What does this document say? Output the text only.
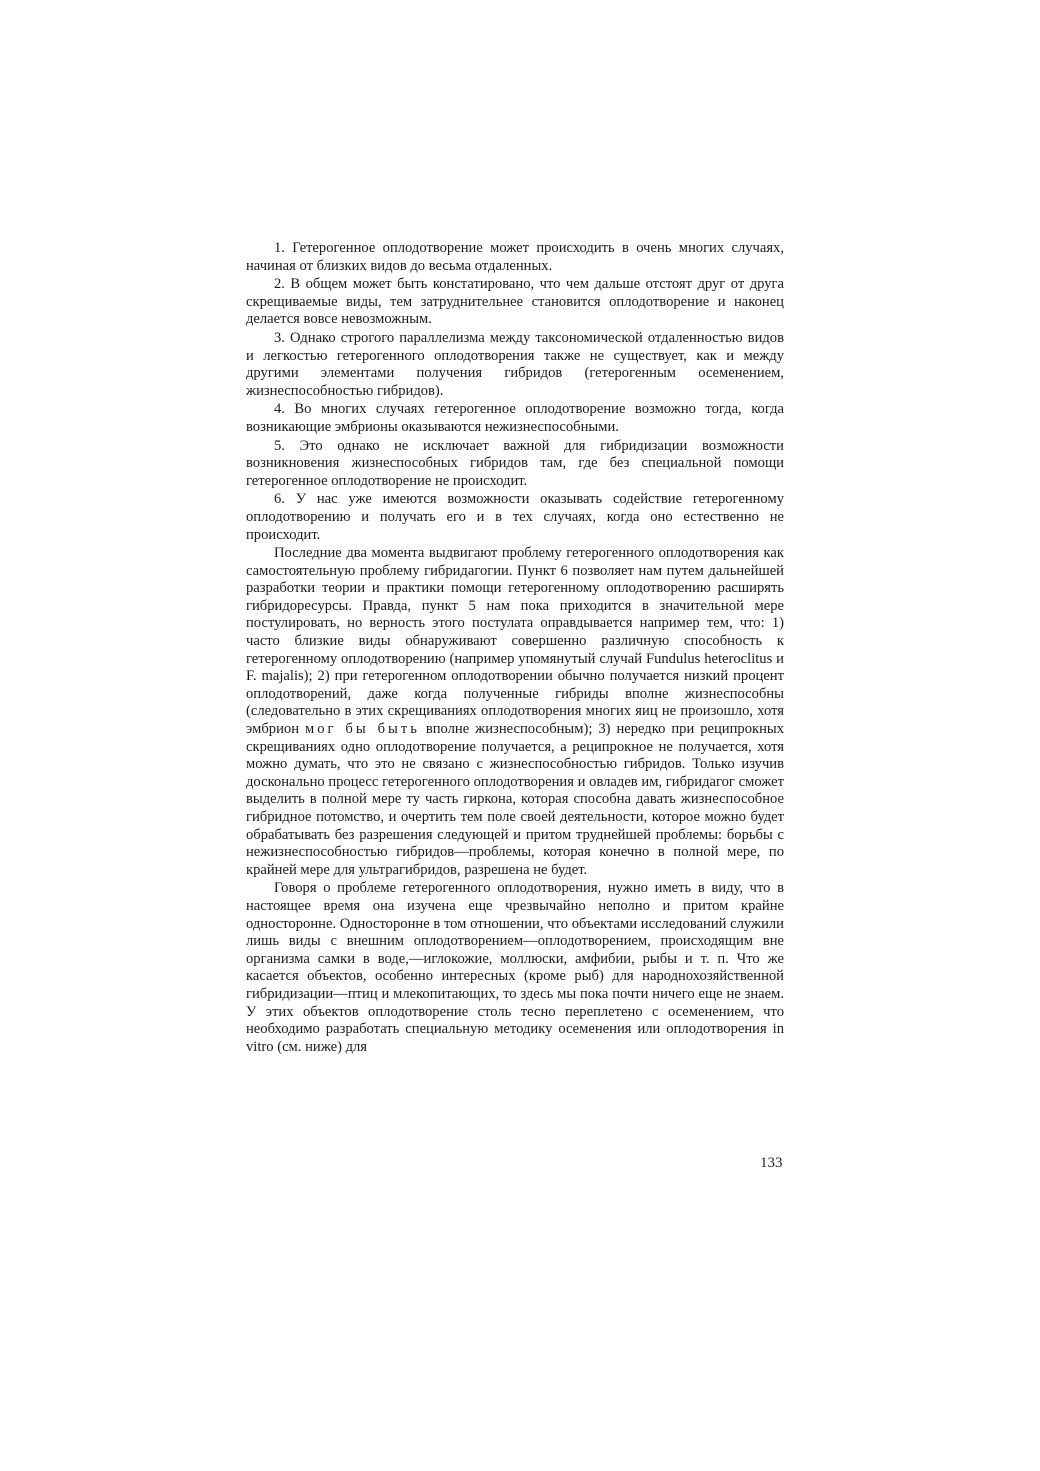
1. Гетерогенное оплодотворение может происходить в очень многих случаях, начиная от близких видов до весьма отдаленных.

2. В общем может быть констатировано, что чем дальше отстоят друг от друга скрещиваемые виды, тем затруднительнее становится оплодотворение и наконец делается вовсе невозможным.

3. Однако строгого параллелизма между таксономической отдаленностью видов и легкостью гетерогенного оплодотворения также не существует, как и между другими элементами получения гибридов (гетерогенным осеменением, жизнеспособностью гибридов).

4. Во многих случаях гетерогенное оплодотворение возможно тогда, когда возникающие эмбрионы оказываются нежизнеспособными.

5. Это однако не исключает важной для гибридизации возможности возникновения жизнеспособных гибридов там, где без специальной помощи гетерогенное оплодотворение не происходит.

6. У нас уже имеются возможности оказывать содействие гетерогенному оплодотворению и получать его и в тех случаях, когда оно естественно не происходит.

Последние два момента выдвигают проблему гетерогенного оплодотворения как самостоятельную проблему гибридагогии. Пункт 6 позволяет нам путем дальнейшей разработки теории и практики помощи гетерогенному оплодотворению расширять гибридоресурсы. Правда, пункт 5 нам пока приходится в значительной мере постулировать, но верность этого постулата оправдывается например тем, что: 1) часто близкие виды обнаруживают совершенно различную способность к гетерогенному оплодотворению (например упомянутый случай Fundulus heteroclitus и F. majalis); 2) при гетерогенном оплодотворении обычно получается низкий процент оплодотворений, даже когда полученные гибриды вполне жизнеспособны (следовательно в этих скрещиваниях оплодотворения многих яиц не произошло, хотя эмбрион мог бы быть вполне жизнеспособным); 3) нередко при реципрокных скрещиваниях одно оплодотворение получается, а реципрокное не получается, хотя можно думать, что это не связано с жизнеспособностью гибридов. Только изучив досконально процесс гетерогенного оплодотворения и овладев им, гибридагог сможет выделить в полной мере ту часть гиркона, которая способна давать жизнеспособное гибридное потомство, и очертить тем поле своей деятельности, которое можно будет обрабатывать без разрешения следующей и притом труднейшей проблемы: борьбы с нежизнеспособностью гибридов—проблемы, которая конечно в полной мере, по крайней мере для ультрагибридов, разрешена не будет.

Говоря о проблеме гетерогенного оплодотворения, нужно иметь в виду, что в настоящее время она изучена еще чрезвычайно неполно и притом крайне односторонне. Односторонне в том отношении, что объектами исследований служили лишь виды с внешним оплодотворением—оплодотворением, происходящим вне организма самки в воде,—иглокожие, моллюски, амфибии, рыбы и т. п. Что же касается объектов, особенно интересных (кроме рыб) для народнохозяйственной гибридизации—птиц и млекопитающих, то здесь мы пока почти ничего еще не знаем. У этих объектов оплодотворение столь тесно переплетено с осеменением, что необходимо разработать специальную методику осеменения или оплодотворения in vitro (см. ниже) для

133
